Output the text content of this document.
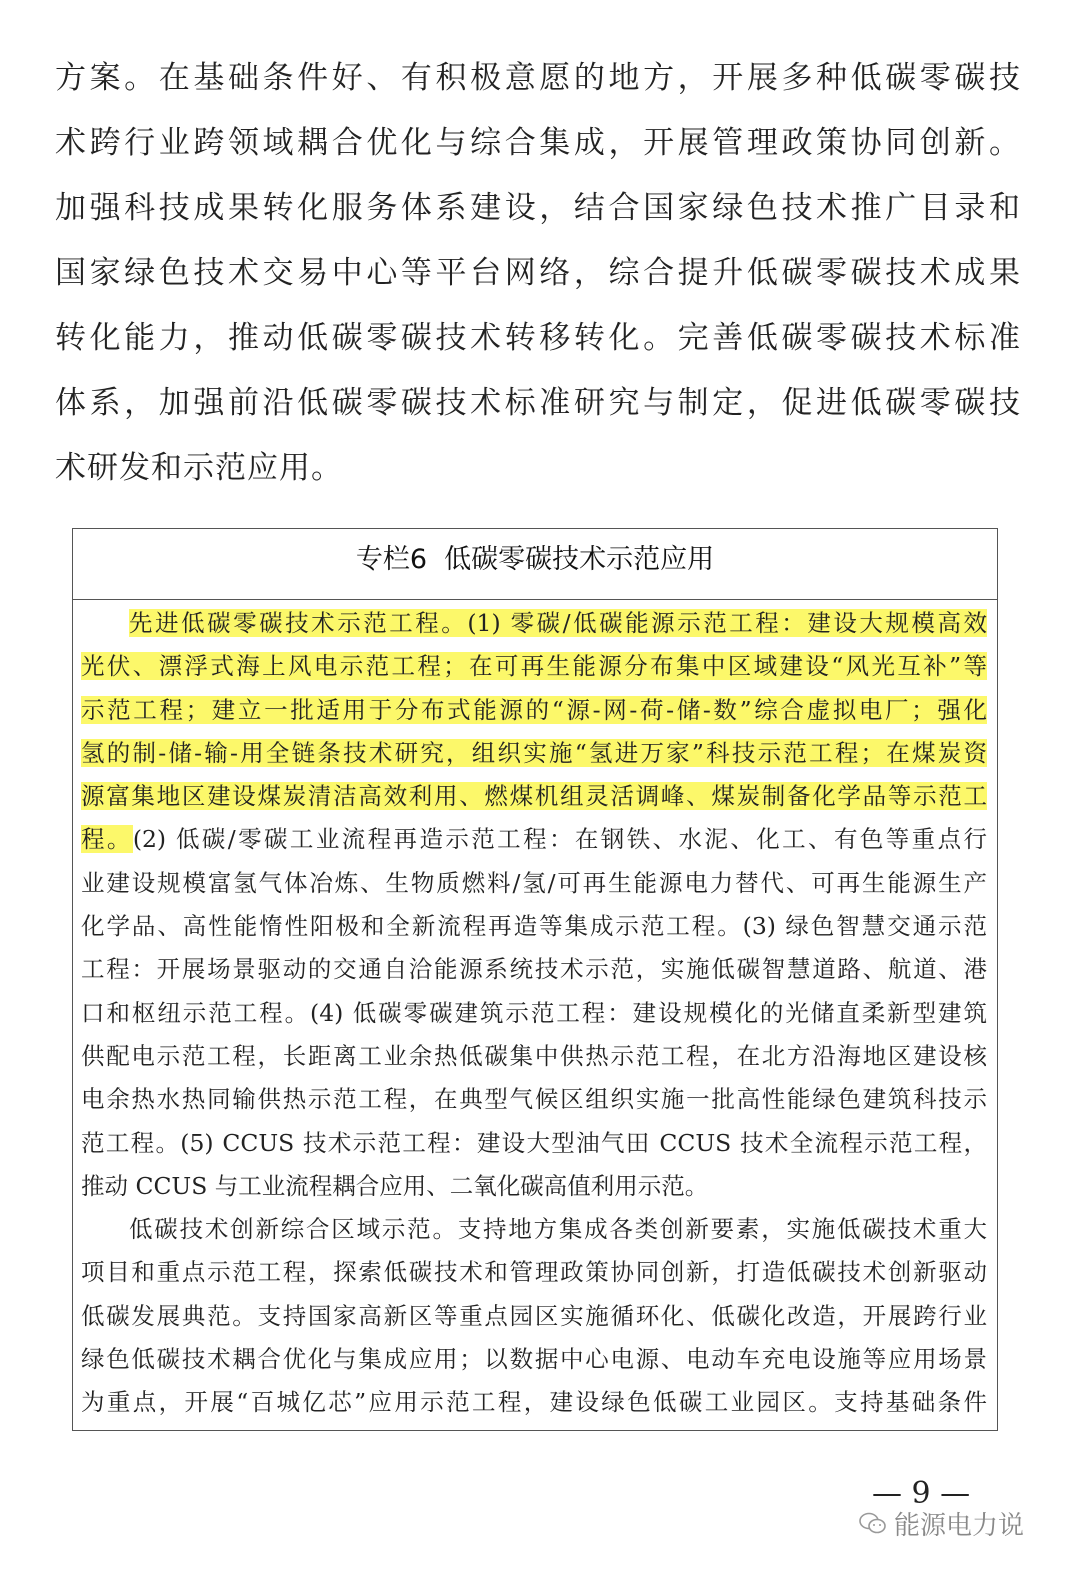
方案。在基础条件好、有积极意愿的地方，开展多种低碳零碳技
术跨行业跨领域耦合优化与综合集成，开展管理政策协同创新。
加强科技成果转化服务体系建设，结合国家绿色技术推广目录和
国家绿色技术交易中心等平台网络，综合提升低碳零碳技术成果
转化能力，推动低碳零碳技术转移转化。完善低碳零碳技术标准
体系，加强前沿低碳零碳技术标准研究与制定，促进低碳零碳技
术研发和示范应用。
专栏6  低碳零碳技术示范应用
先进低碳零碳技术示范工程。(1) 零碳/低碳能源示范工程：建设大规模高效
光伏、漂浮式海上风电示范工程；在可再生能源分布集中区域建设“风光互补”等
示范工程；建立一批适用于分布式能源的“源-网-荷-储-数”综合虚拟电厂；强化
氢的制-储-输-用全链条技术研究，组织实施“氢进万家”科技示范工程；在煤炭资
源富集地区建设煤炭清洁高效利用、燃煤机组灵活调峰、煤炭制备化学品等示范工
程。(2) 低碳/零碳工业流程再造示范工程：在钢铁、水泥、化工、有色等重点行
业建设规模富氢气体冶炼、生物质燃料/氢/可再生能源电力替代、可再生能源生产
化学品、高性能惰性阳极和全新流程再造等集成示范工程。(3) 绿色智慧交通示范
工程：开展场景驱动的交通自洽能源系统技术示范，实施低碳智慧道路、航道、港
口和枢纽示范工程。(4) 低碳零碳建筑示范工程：建设规模化的光储直柔新型建筑
供配电示范工程，长距离工业余热低碳集中供热示范工程，在北方沿海地区建设核
电余热水热同输供热示范工程，在典型气候区组织实施一批高性能绿色建筑科技示
范工程。(5) CCUS 技术示范工程：建设大型油气田 CCUS 技术全流程示范工程，
推动 CCUS 与工业流程耦合应用、二氧化碳高值利用示范。
低碳技术创新综合区域示范。支持地方集成各类创新要素，实施低碳技术重大
项目和重点示范工程，探索低碳技术和管理政策协同创新，打造低碳技术创新驱动
低碳发展典范。支持国家高新区等重点园区实施循环化、低碳化改造，开展跨行业
绿色低碳技术耦合优化与集成应用；以数据中心电源、电动车充电设施等应用场景
为重点，开展“百城亿芯”应用示范工程，建设绿色低碳工业园区。支持基础条件
— 9 —
能源电力说
